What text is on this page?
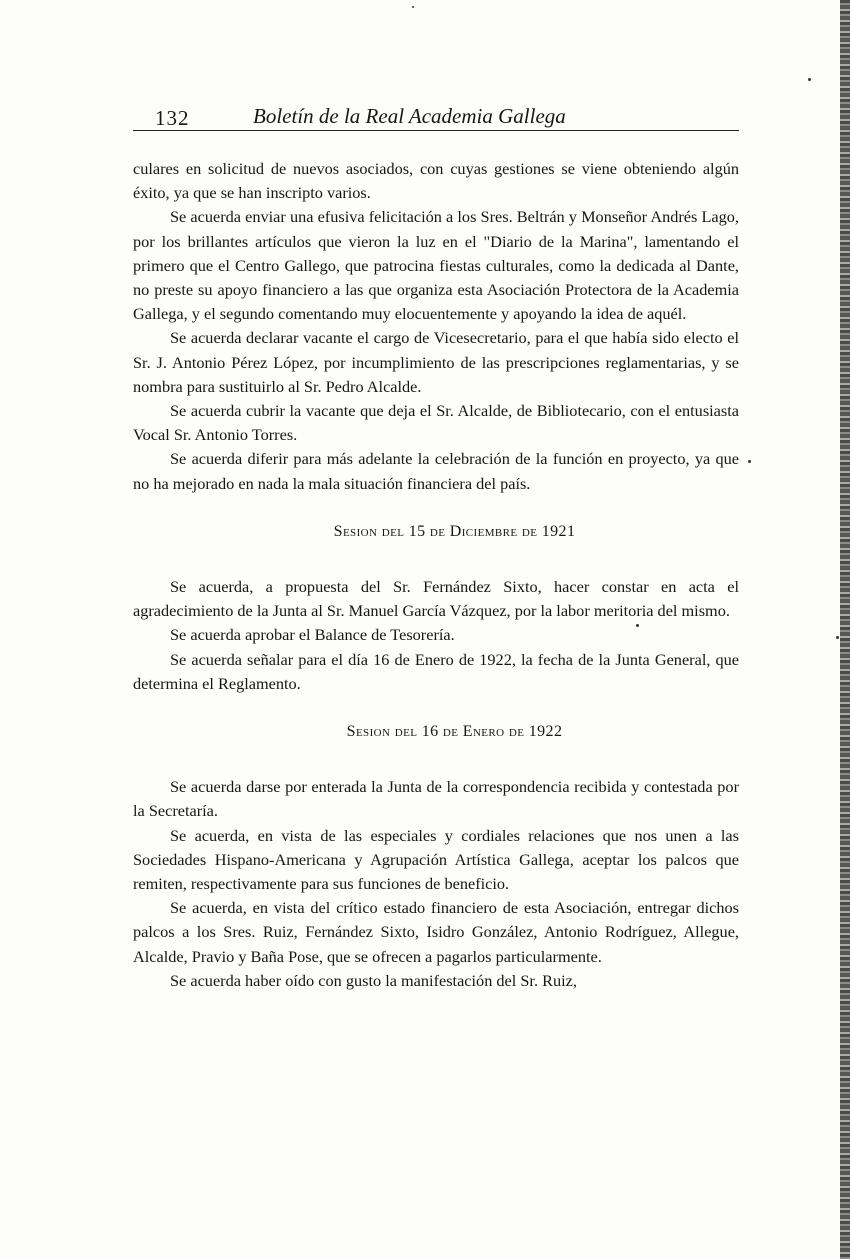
132	Boletín de la Real Academia Gallega

culares en solicitud de nuevos asociados, con cuyas gestiones se viene obteniendo algún éxito, ya que se han inscripto varios.

Se acuerda enviar una efusiva felicitación a los Sres. Beltrán y Monseñor Andrés Lago, por los brillantes artículos que vieron la luz en el "Diario de la Marina", lamentando el primero que el Centro Gallego, que patrocina fiestas culturales, como la dedicada al Dante, no preste su apoyo financiero a las que organiza esta Asociación Protectora de la Academia Gallega, y el segundo comentando muy elocuentemente y apoyando la idea de aquél.

Se acuerda declarar vacante el cargo de Vicesecretario, para el que había sido electo el Sr. J. Antonio Pérez López, por incumplimiento de las prescripciones reglamentarias, y se nombra para sustituirlo al Sr. Pedro Alcalde.

Se acuerda cubrir la vacante que deja el Sr. Alcalde, de Bibliotecario, con el entusiasta Vocal Sr. Antonio Torres.

Se acuerda diferir para más adelante la celebración de la función en proyecto, ya que no ha mejorado en nada la mala situación financiera del país.

Sesion del 15 de Diciembre de 1921

Se acuerda, a propuesta del Sr. Fernández Sixto, hacer constar en acta el agradecimiento de la Junta al Sr. Manuel García Vázquez, por la labor meritoria del mismo.

Se acuerda aprobar el Balance de Tesorería.

Se acuerda señalar para el día 16 de Enero de 1922, la fecha de la Junta General, que determina el Reglamento.

Sesion del 16 de Enero de 1922

Se acuerda darse por enterada la Junta de la correspondencia recibida y contestada por la Secretaría.

Se acuerda, en vista de las especiales y cordiales relaciones que nos unen a las Sociedades Hispano-Americana y Agrupación Artística Gallega, aceptar los palcos que remiten, respectivamente para sus funciones de beneficio.

Se acuerda, en vista del crítico estado financiero de esta Asociación, entregar dichos palcos a los Sres. Ruiz, Fernández Sixto, Isidro González, Antonio Rodríguez, Allegue, Alcalde, Pravio y Baña Pose, que se ofrecen a pagarlos particularmente.

Se acuerda haber oído con gusto la manifestación del Sr. Ruiz,
